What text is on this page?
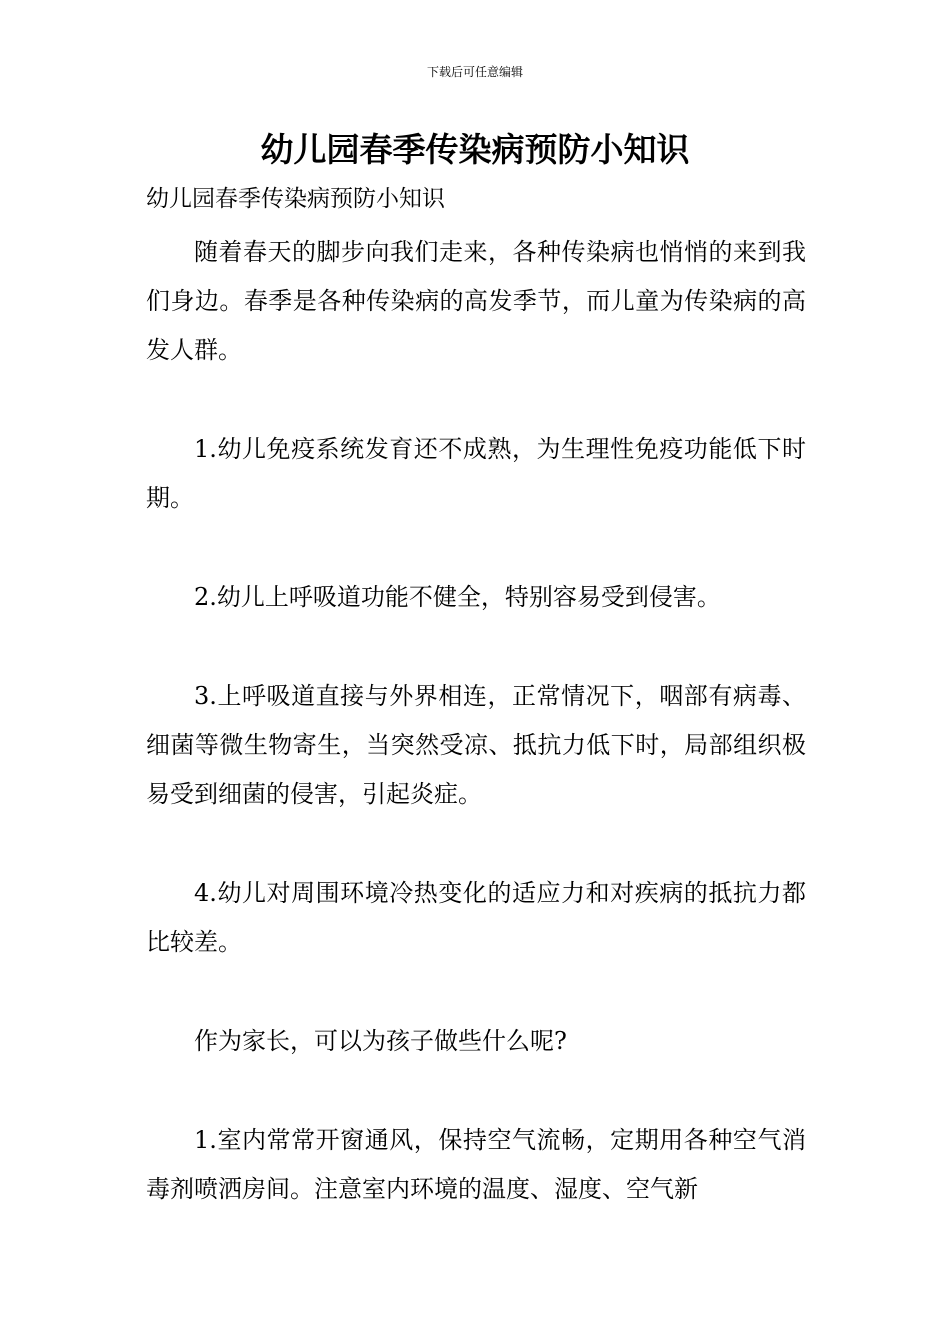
下载后可任意编辑
幼儿园春季传染病预防小知识
幼儿园春季传染病预防小知识

随着春天的脚步向我们走来，各种传染病也悄悄的来到我们身边。春季是各种传染病的高发季节，而儿童为传染病的高发人群。

1.幼儿免疫系统发育还不成熟，为生理性免疫功能低下时期。

2.幼儿上呼吸道功能不健全，特别容易受到侵害。

3.上呼吸道直接与外界相连，正常情况下，咽部有病毒、细菌等微生物寄生，当突然受凉、抵抗力低下时，局部组织极易受到细菌的侵害，引起炎症。

4.幼儿对周围环境冷热变化的适应力和对疾病的抵抗力都比较差。

作为家长，可以为孩子做些什么呢?

1.室内常常开窗通风，保持空气流畅，定期用各种空气消毒剂喷洒房间。注意室内环境的温度、湿度、空气新
